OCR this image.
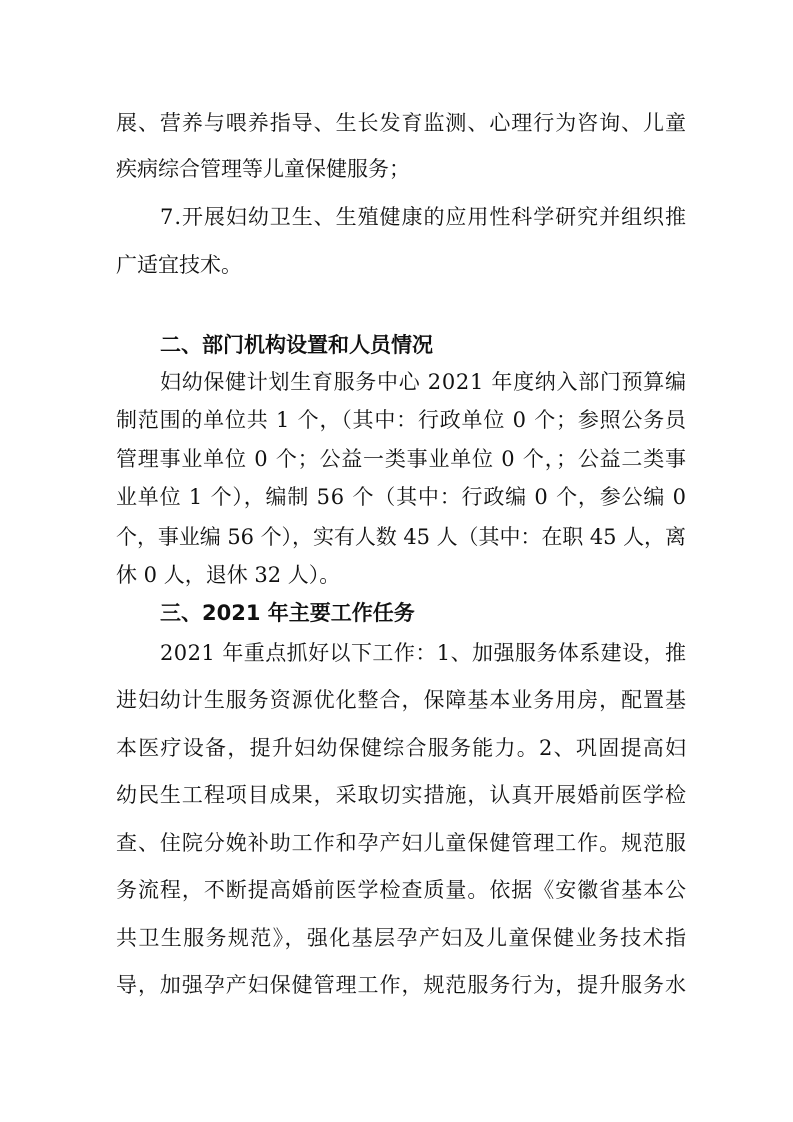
展、营养与喂养指导、生长发育监测、心理行为咨询、儿童
疾病综合管理等儿童保健服务；
7.开展妇幼卫生、生殖健康的应用性科学研究并组织推
广适宜技术。
二、部门机构设置和人员情况
妇幼保健计划生育服务中心 2021 年度纳入部门预算编
制范围的单位共 1 个，（其中：行政单位 0 个；参照公务员
管理事业单位 0 个；公益一类事业单位 0 个，；公益二类事
业单位 1 个），编制 56 个（其中：行政编 0 个，参公编 0
个，事业编 56 个），实有人数 45 人（其中：在职 45 人，离
休 0 人，退休 32 人）。
三、2021 年主要工作任务
2021 年重点抓好以下工作：1、加强服务体系建设，推
进妇幼计生服务资源优化整合，保障基本业务用房，配置基
本医疗设备，提升妇幼保健综合服务能力。2、巩固提高妇
幼民生工程项目成果，采取切实措施，认真开展婚前医学检
查、住院分娩补助工作和孕产妇儿童保健管理工作。规范服
务流程，不断提高婚前医学检查质量。依据《安徽省基本公
共卫生服务规范》，强化基层孕产妇及儿童保健业务技术指
导，加强孕产妇保健管理工作，规范服务行为，提升服务水
